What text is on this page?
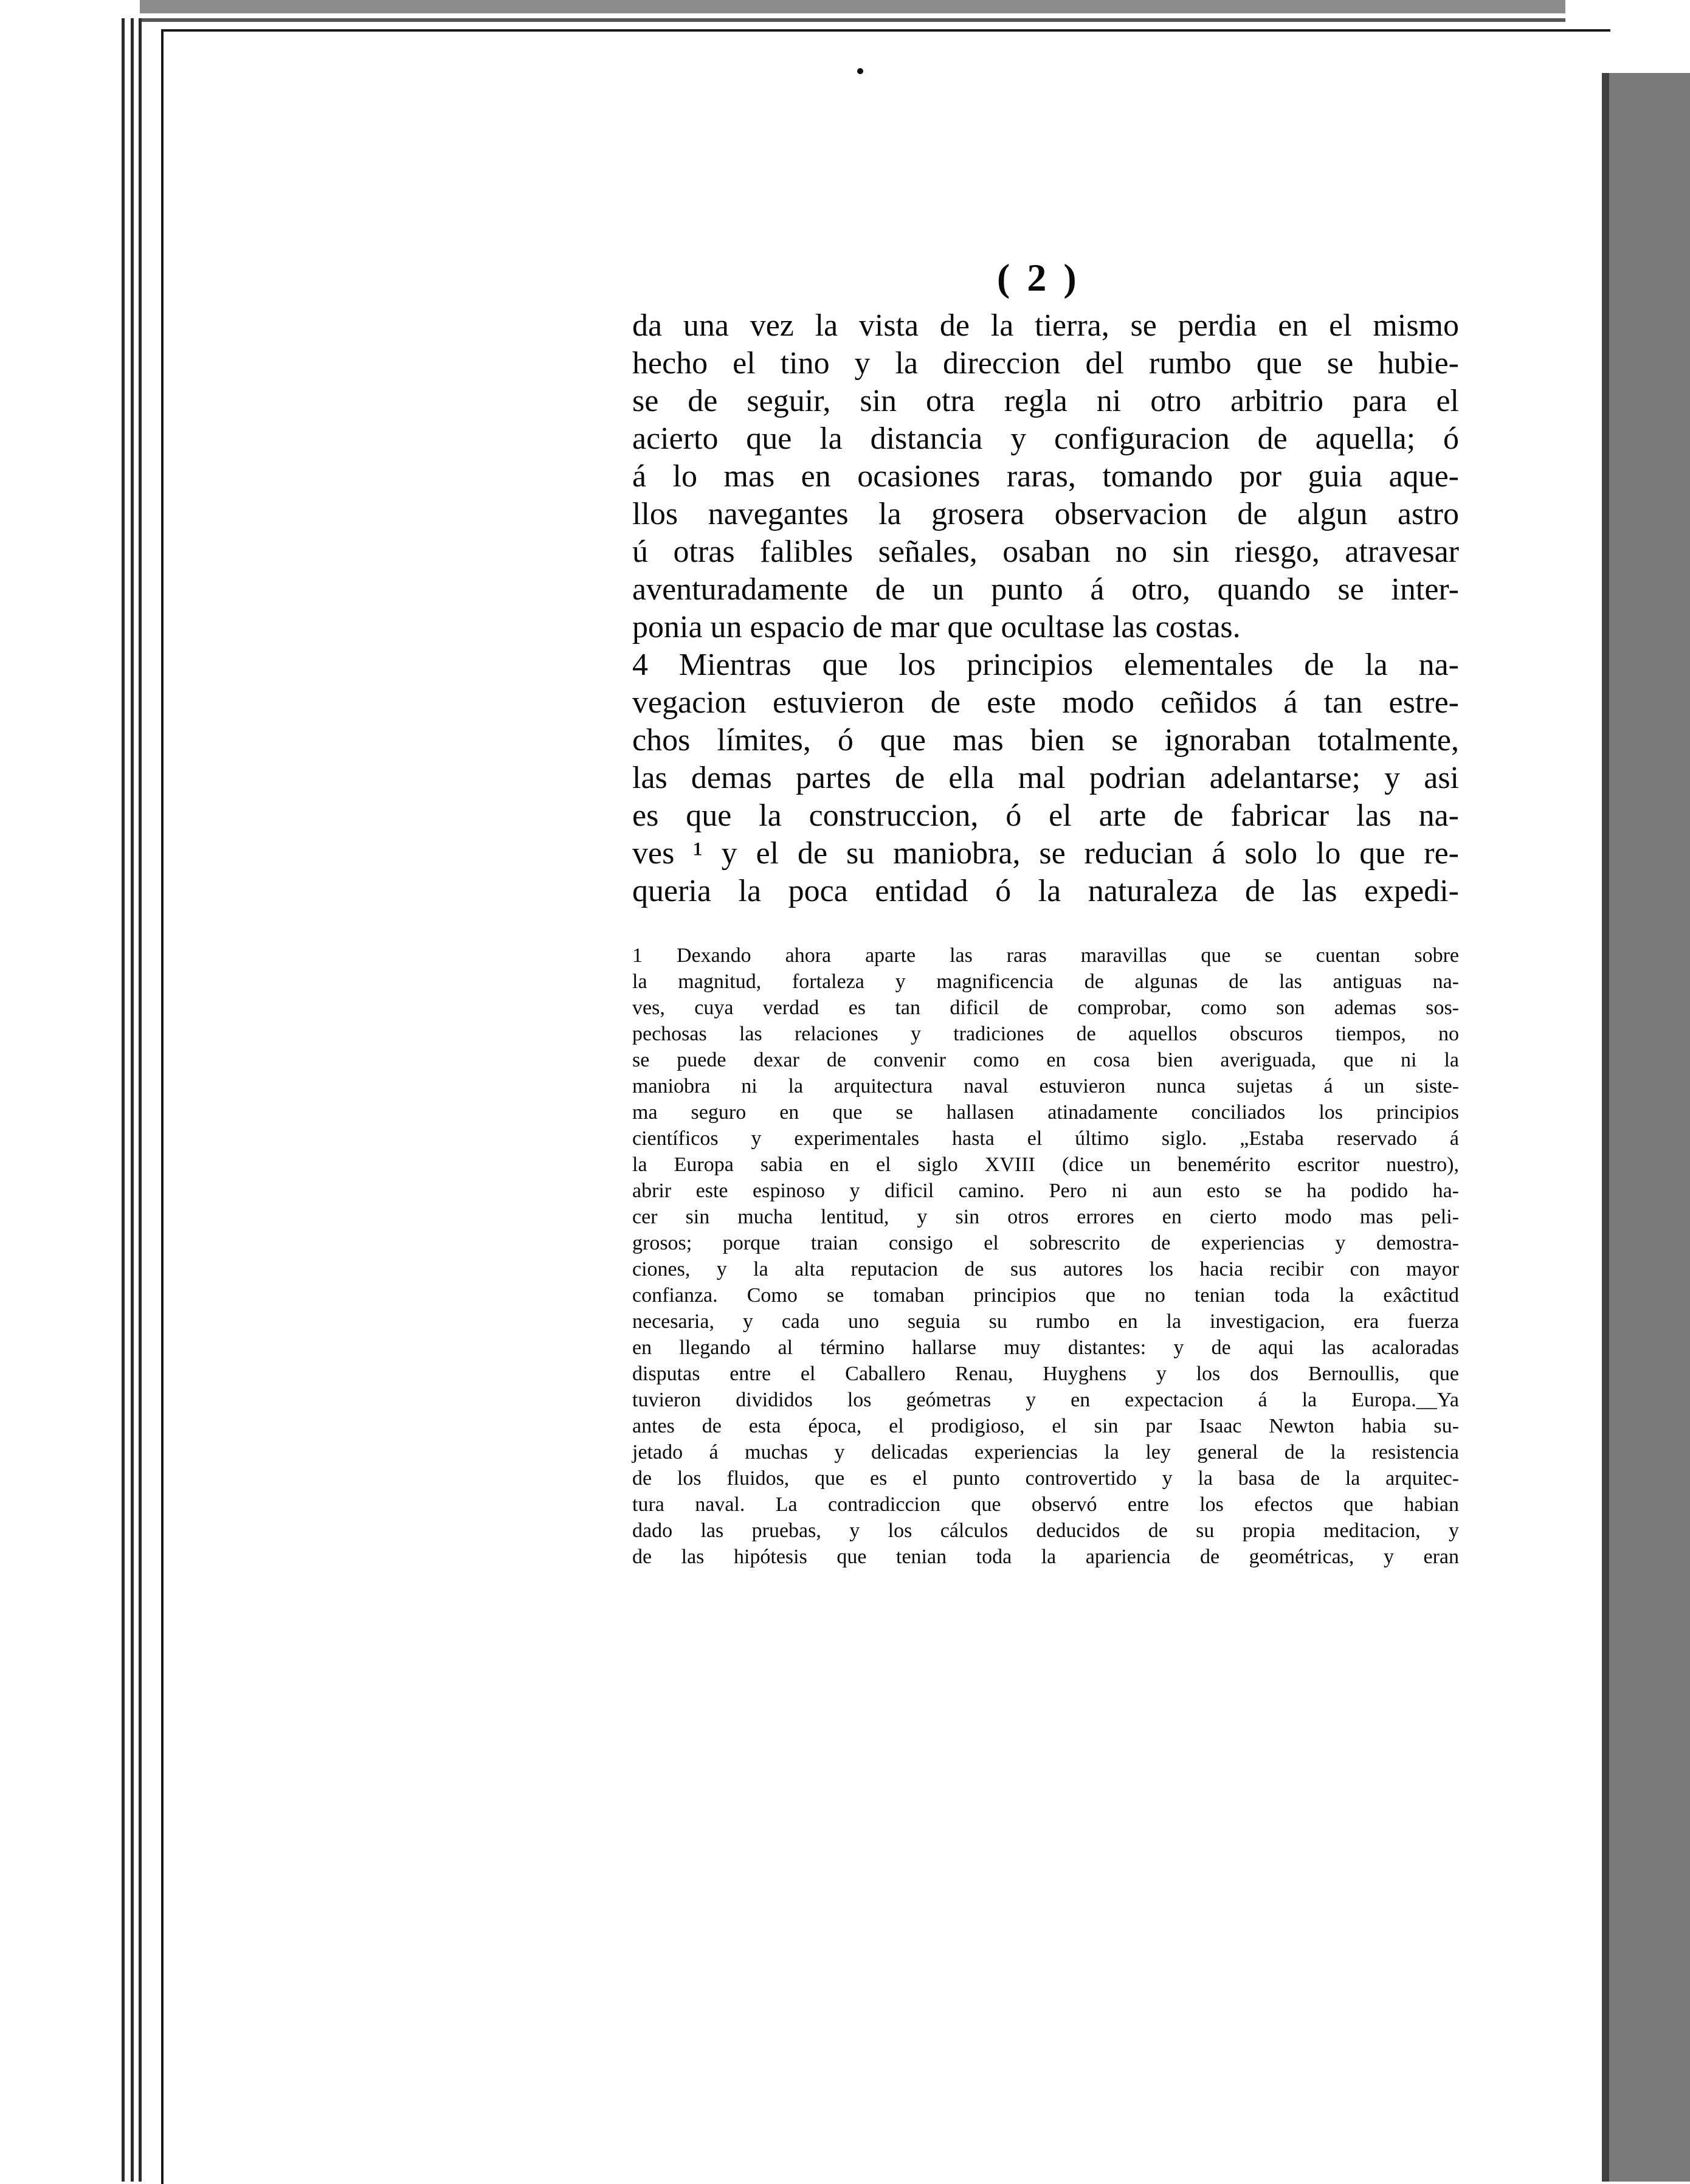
( 2 )
da una vez la vista de la tierra, se perdia en el mismo
hecho el tino y la direccion del rumbo que se hubie-
se de seguir, sin otra regla ni otro arbitrio para el
acierto que la distancia y configuracion de aquella; ó
á lo mas en ocasiones raras, tomando por guia aque-
llos navegantes la grosera observacion de algun astro
ú otras falibles señales, osaban no sin riesgo, atravesar
aventuradamente de un punto á otro, quando se inter-
ponia un espacio de mar que ocultase las costas.
4 Mientras que los principios elementales de la na-
vegacion estuvieron de este modo ceñidos á tan estre-
chos límites, ó que mas bien se ignoraban totalmente,
las demas partes de ella mal podrian adelantarse; y asi
es que la construccion, ó el arte de fabricar las na-
ves ¹ y el de su maniobra, se reducian á solo lo que re-
queria la poca entidad ó la naturaleza de las expedi-
1 Dexando ahora aparte las raras maravillas que se cuentan sobre
la magnitud, fortaleza y magnificencia de algunas de las antiguas na-
ves, cuya verdad es tan dificil de comprobar, como son ademas sos-
pechosas las relaciones y tradiciones de aquellos obscuros tiempos, no
se puede dexar de convenir como en cosa bien averiguada, que ni la
maniobra ni la arquitectura naval estuvieron nunca sujetas á un siste-
ma seguro en que se hallasen atinadamente conciliados los principios
científicos y experimentales hasta el último siglo. „Estaba reservado á
la Europa sabia en el siglo XVIII (dice un benemérito escritor nuestro),
abrir este espinoso y dificil camino. Pero ni aun esto se ha podido ha-
cer sin mucha lentitud, y sin otros errores en cierto modo mas peli-
grosos; porque traian consigo el sobrescrito de experiencias y demostra-
ciones, y la alta reputacion de sus autores los hacia recibir con mayor
confianza. Como se tomaban principios que no tenian toda la exâctitud
necesaria, y cada uno seguia su rumbo en la investigacion, era fuerza
en llegando al término hallarse muy distantes: y de aqui las acaloradas
disputas entre el Caballero Renau, Huyghens y los dos Bernoullis, que
tuvieron divididos los geómetras y en expectacion á la Europa.__Ya
antes de esta época, el prodigioso, el sin par Isaac Newton habia su-
jetado á muchas y delicadas experiencias la ley general de la resistencia
de los fluidos, que es el punto controvertido y la basa de la arquitec-
tura naval. La contradiccion que observó entre los efectos que habian
dado las pruebas, y los cálculos deducidos de su propia meditacion, y
de las hipótesis que tenian toda la apariencia de geométricas, y eran
